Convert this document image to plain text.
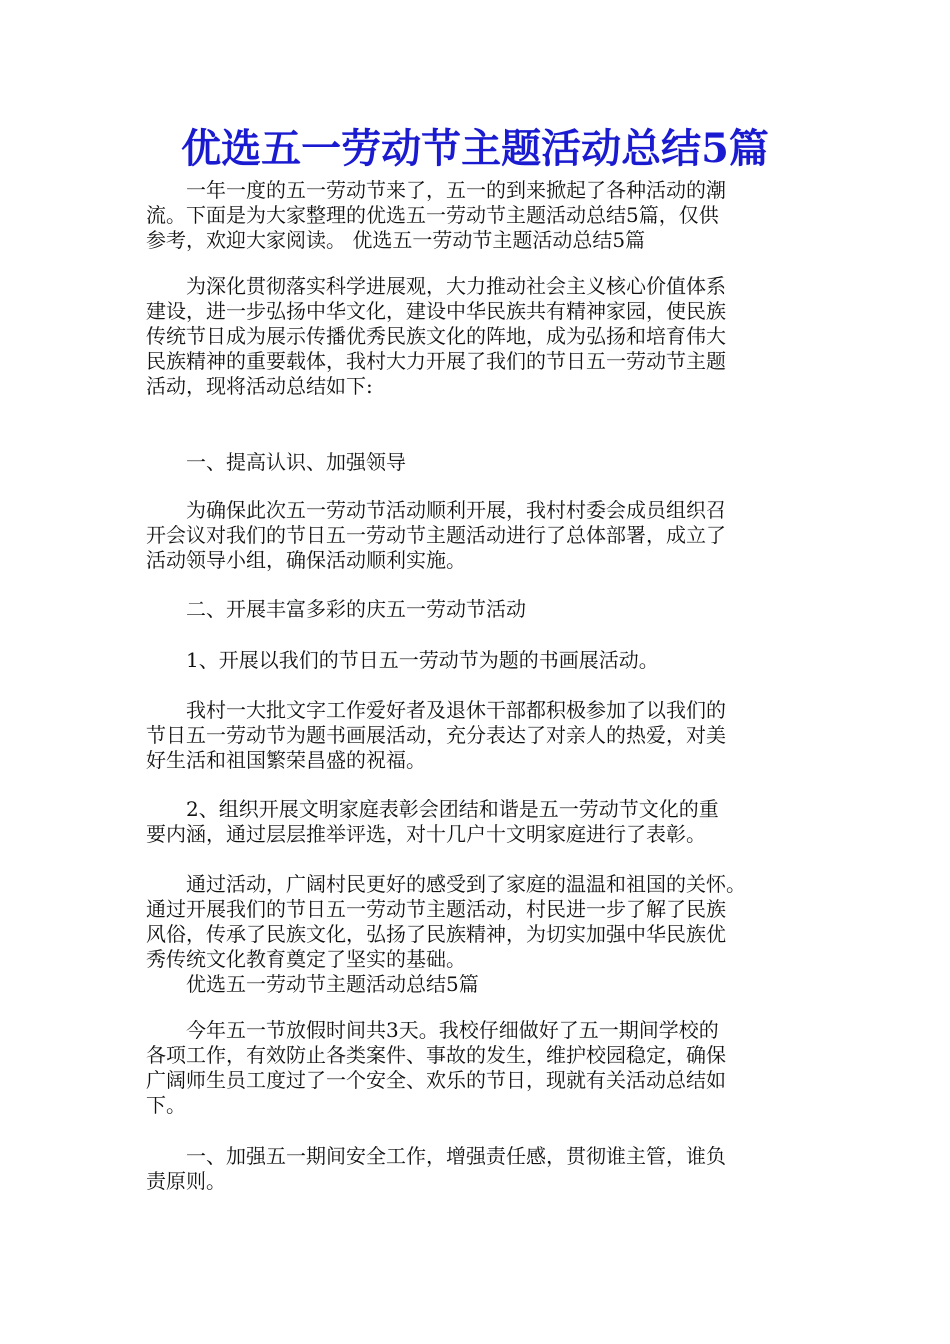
优选五一劳动节主题活动总结5篇

　　一年一度的五一劳动节来了，五一的到来掀起了各种活动的潮
流。下面是为大家整理的优选五一劳动节主题活动总结5篇，仅供
参考，欢迎大家阅读。 优选五一劳动节主题活动总结5篇

　　为深化贯彻落实科学进展观，大力推动社会主义核心价值体系
建设，进一步弘扬中华文化，建设中华民族共有精神家园，使民族
传统节日成为展示传播优秀民族文化的阵地，成为弘扬和培育伟大
民族精神的重要载体，我村大力开展了我们的节日五一劳动节主题
活动，现将活动总结如下:

　　一、提高认识、加强领导

　　为确保此次五一劳动节活动顺利开展，我村村委会成员组织召
开会议对我们的节日五一劳动节主题活动进行了总体部署，成立了
活动领导小组，确保活动顺利实施。

　　二、开展丰富多彩的庆五一劳动节活动

　　1、开展以我们的节日五一劳动节为题的书画展活动。

　　我村一大批文字工作爱好者及退休干部都积极参加了以我们的
节日五一劳动节为题书画展活动，充分表达了对亲人的热爱，对美
好生活和祖国繁荣昌盛的祝福。

　　2、组织开展文明家庭表彰会团结和谐是五一劳动节文化的重
要内涵，通过层层推举评选，对十几户十文明家庭进行了表彰。

　　通过活动，广阔村民更好的感受到了家庭的温温和祖国的关怀。
通过开展我们的节日五一劳动节主题活动，村民进一步了解了民族
风俗，传承了民族文化，弘扬了民族精神，为切实加强中华民族优
秀传统文化教育奠定了坚实的基础。
　　优选五一劳动节主题活动总结5篇

　　今年五一节放假时间共3天。我校仔细做好了五一期间学校的
各项工作，有效防止各类案件、事故的发生，维护校园稳定，确保
广阔师生员工度过了一个安全、欢乐的节日，现就有关活动总结如
下。

　　一、加强五一期间安全工作，增强责任感，贯彻谁主管，谁负
责原则。
